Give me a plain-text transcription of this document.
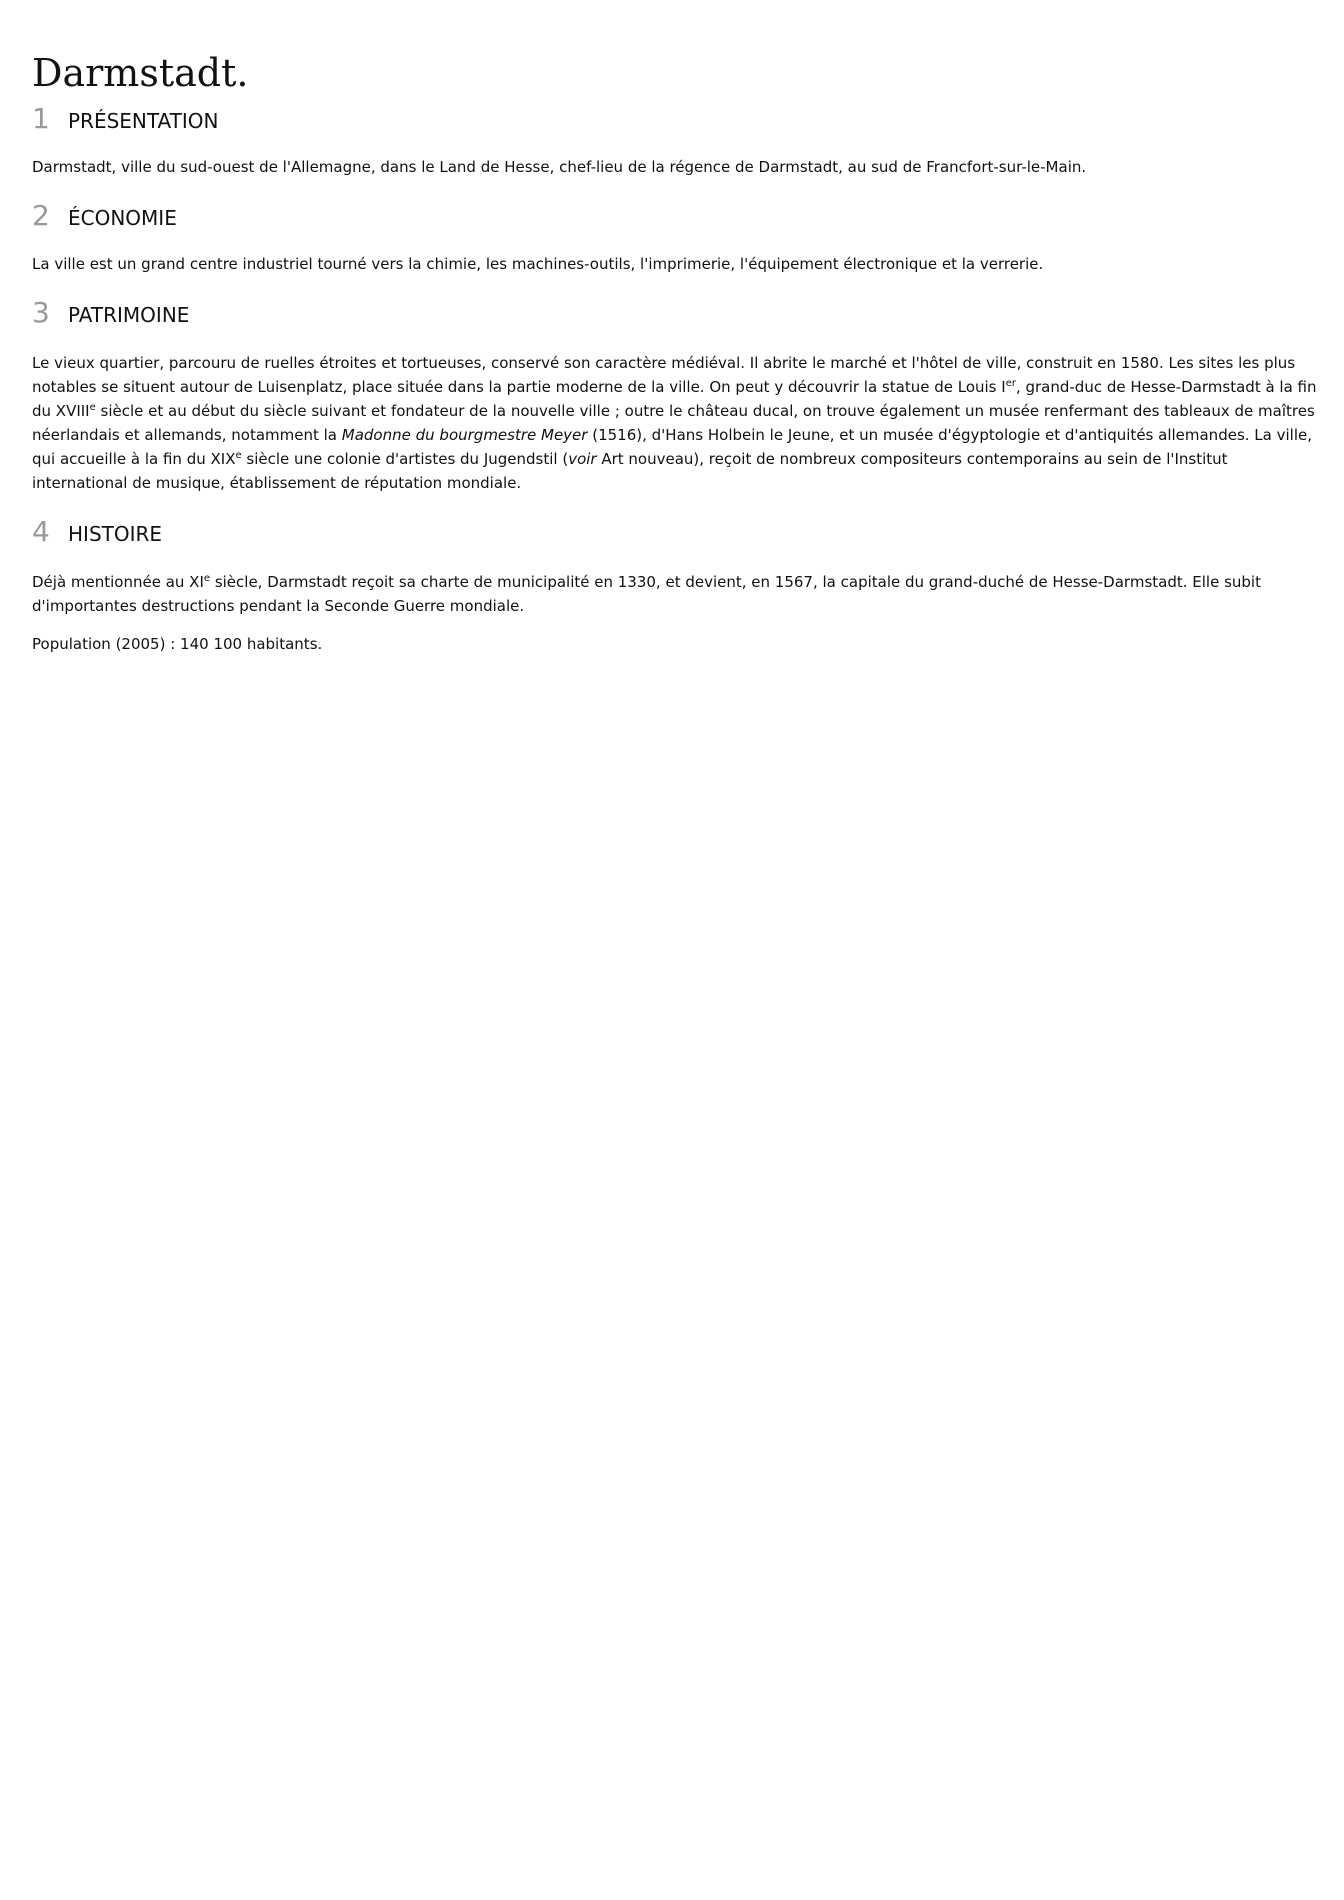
Darmstadt.
1 PRÉSENTATION

Darmstadt, ville du sud-ouest de l'Allemagne, dans le Land de Hesse, chef-lieu de la régence de Darmstadt, au sud de Francfort-sur-le-Main.

2 ÉCONOMIE

La ville est un grand centre industriel tourné vers la chimie, les machines-outils, l'imprimerie, l'équipement électronique et la verrerie.

3 PATRIMOINE

Le vieux quartier, parcouru de ruelles étroites et tortueuses, conservé son caractère médiéval. Il abrite le marché et l'hôtel de ville, construit en 1580. Les sites les plus notables se situent autour de Luisenplatz, place située dans la partie moderne de la ville. On peut y découvrir la statue de Louis Ier, grand-duc de Hesse-Darmstadt à la fin du XVIIIe siècle et au début du siècle suivant et fondateur de la nouvelle ville ; outre le château ducal, on trouve également un musée renfermant des tableaux de maîtres néerlandais et allemands, notamment la Madonne du bourgmestre Meyer (1516), d'Hans Holbein le Jeune, et un musée d'égyptologie et d'antiquités allemandes. La ville, qui accueille à la fin du XIXe siècle une colonie d'artistes du Jugendstil (voir Art nouveau), reçoit de nombreux compositeurs contemporains au sein de l'Institut international de musique, établissement de réputation mondiale.

4 HISTOIRE

Déjà mentionnée au XIe siècle, Darmstadt reçoit sa charte de municipalité en 1330, et devient, en 1567, la capitale du grand-duché de Hesse-Darmstadt. Elle subit d'importantes destructions pendant la Seconde Guerre mondiale.

Population (2005) : 140 100 habitants.
